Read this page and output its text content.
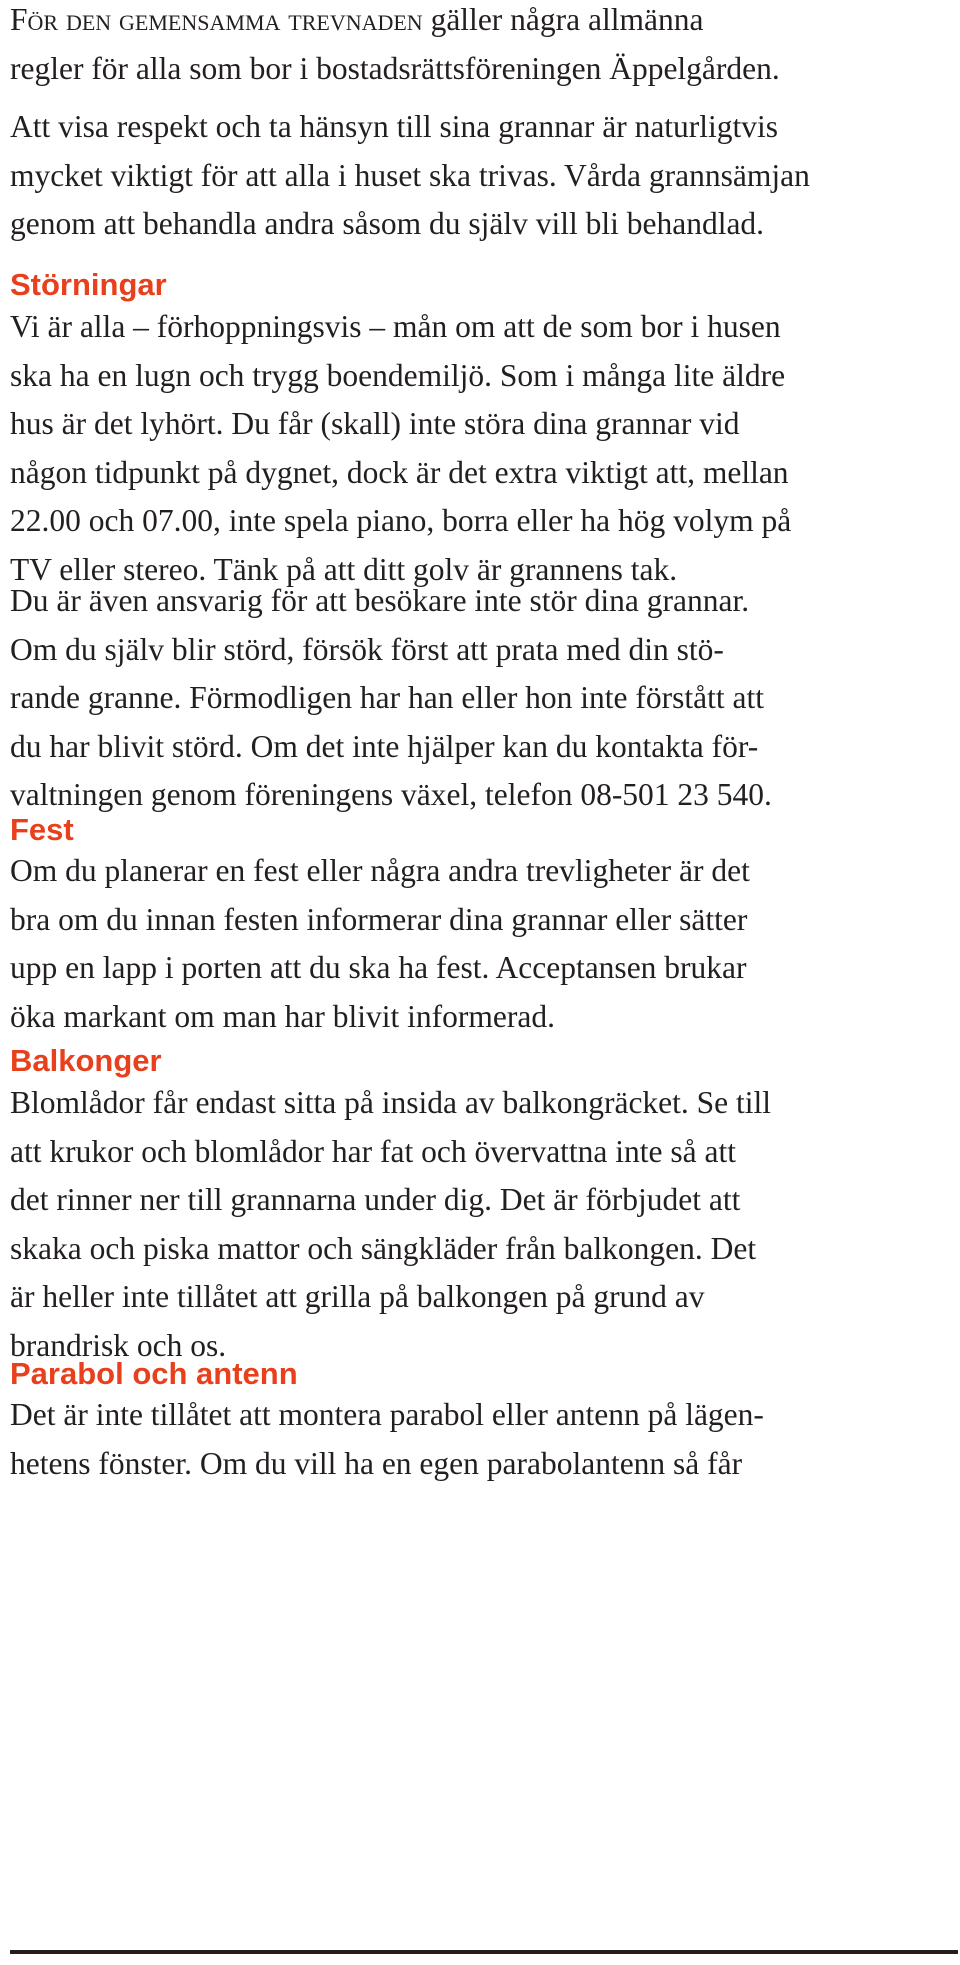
För den gemensamma trevnaden gäller några allmänna
regler för alla som bor i bostadsrättsföreningen Äppelgården.

Att visa respekt och ta hänsyn till sina grannar är naturligtvis
mycket viktigt för att alla i huset ska trivas. Vårda grannsämjan
genom att behandla andra såsom du själv vill bli behandlad.

Störningar

Vi är alla – förhoppningsvis – mån om att de som bor i husen
ska ha en lugn och trygg boendemiljö. Som i många lite äldre
hus är det lyhört. Du får (skall) inte störa dina grannar vid
någon tidpunkt på dygnet, dock är det extra viktigt att, mellan
22.00 och 07.00, inte spela piano, borra eller ha hög volym på
TV eller stereo. Tänk på att ditt golv är grannens tak.

Du är även ansvarig för att besökare inte stör dina grannar.
Om du själv blir störd, försök först att prata med din stö-
rande granne. Förmodligen har han eller hon inte förstått att
du har blivit störd. Om det inte hjälper kan du kontakta för-
valtningen genom föreningens växel, telefon 08-501 23 540.

Fest

Om du planerar en fest eller några andra trevligheter är det
bra om du innan festen informerar dina grannar eller sätter
upp en lapp i porten att du ska ha fest. Acceptansen brukar
öka markant om man har blivit informerad.

Balkonger

Blomlådor får endast sitta på insida av balkongräcket. Se till
att krukor och blomlådor har fat och övervattna inte så att
det rinner ner till grannarna under dig. Det är förbjudet att
skaka och piska mattor och sängkläder från balkongen. Det
är heller inte tillåtet att grilla på balkongen på grund av
brandrisk och os.

Parabol och antenn

Det är inte tillåtet att montera parabol eller antenn på lägen-
hetens fönster. Om du vill ha en egen parabolantenn så får
